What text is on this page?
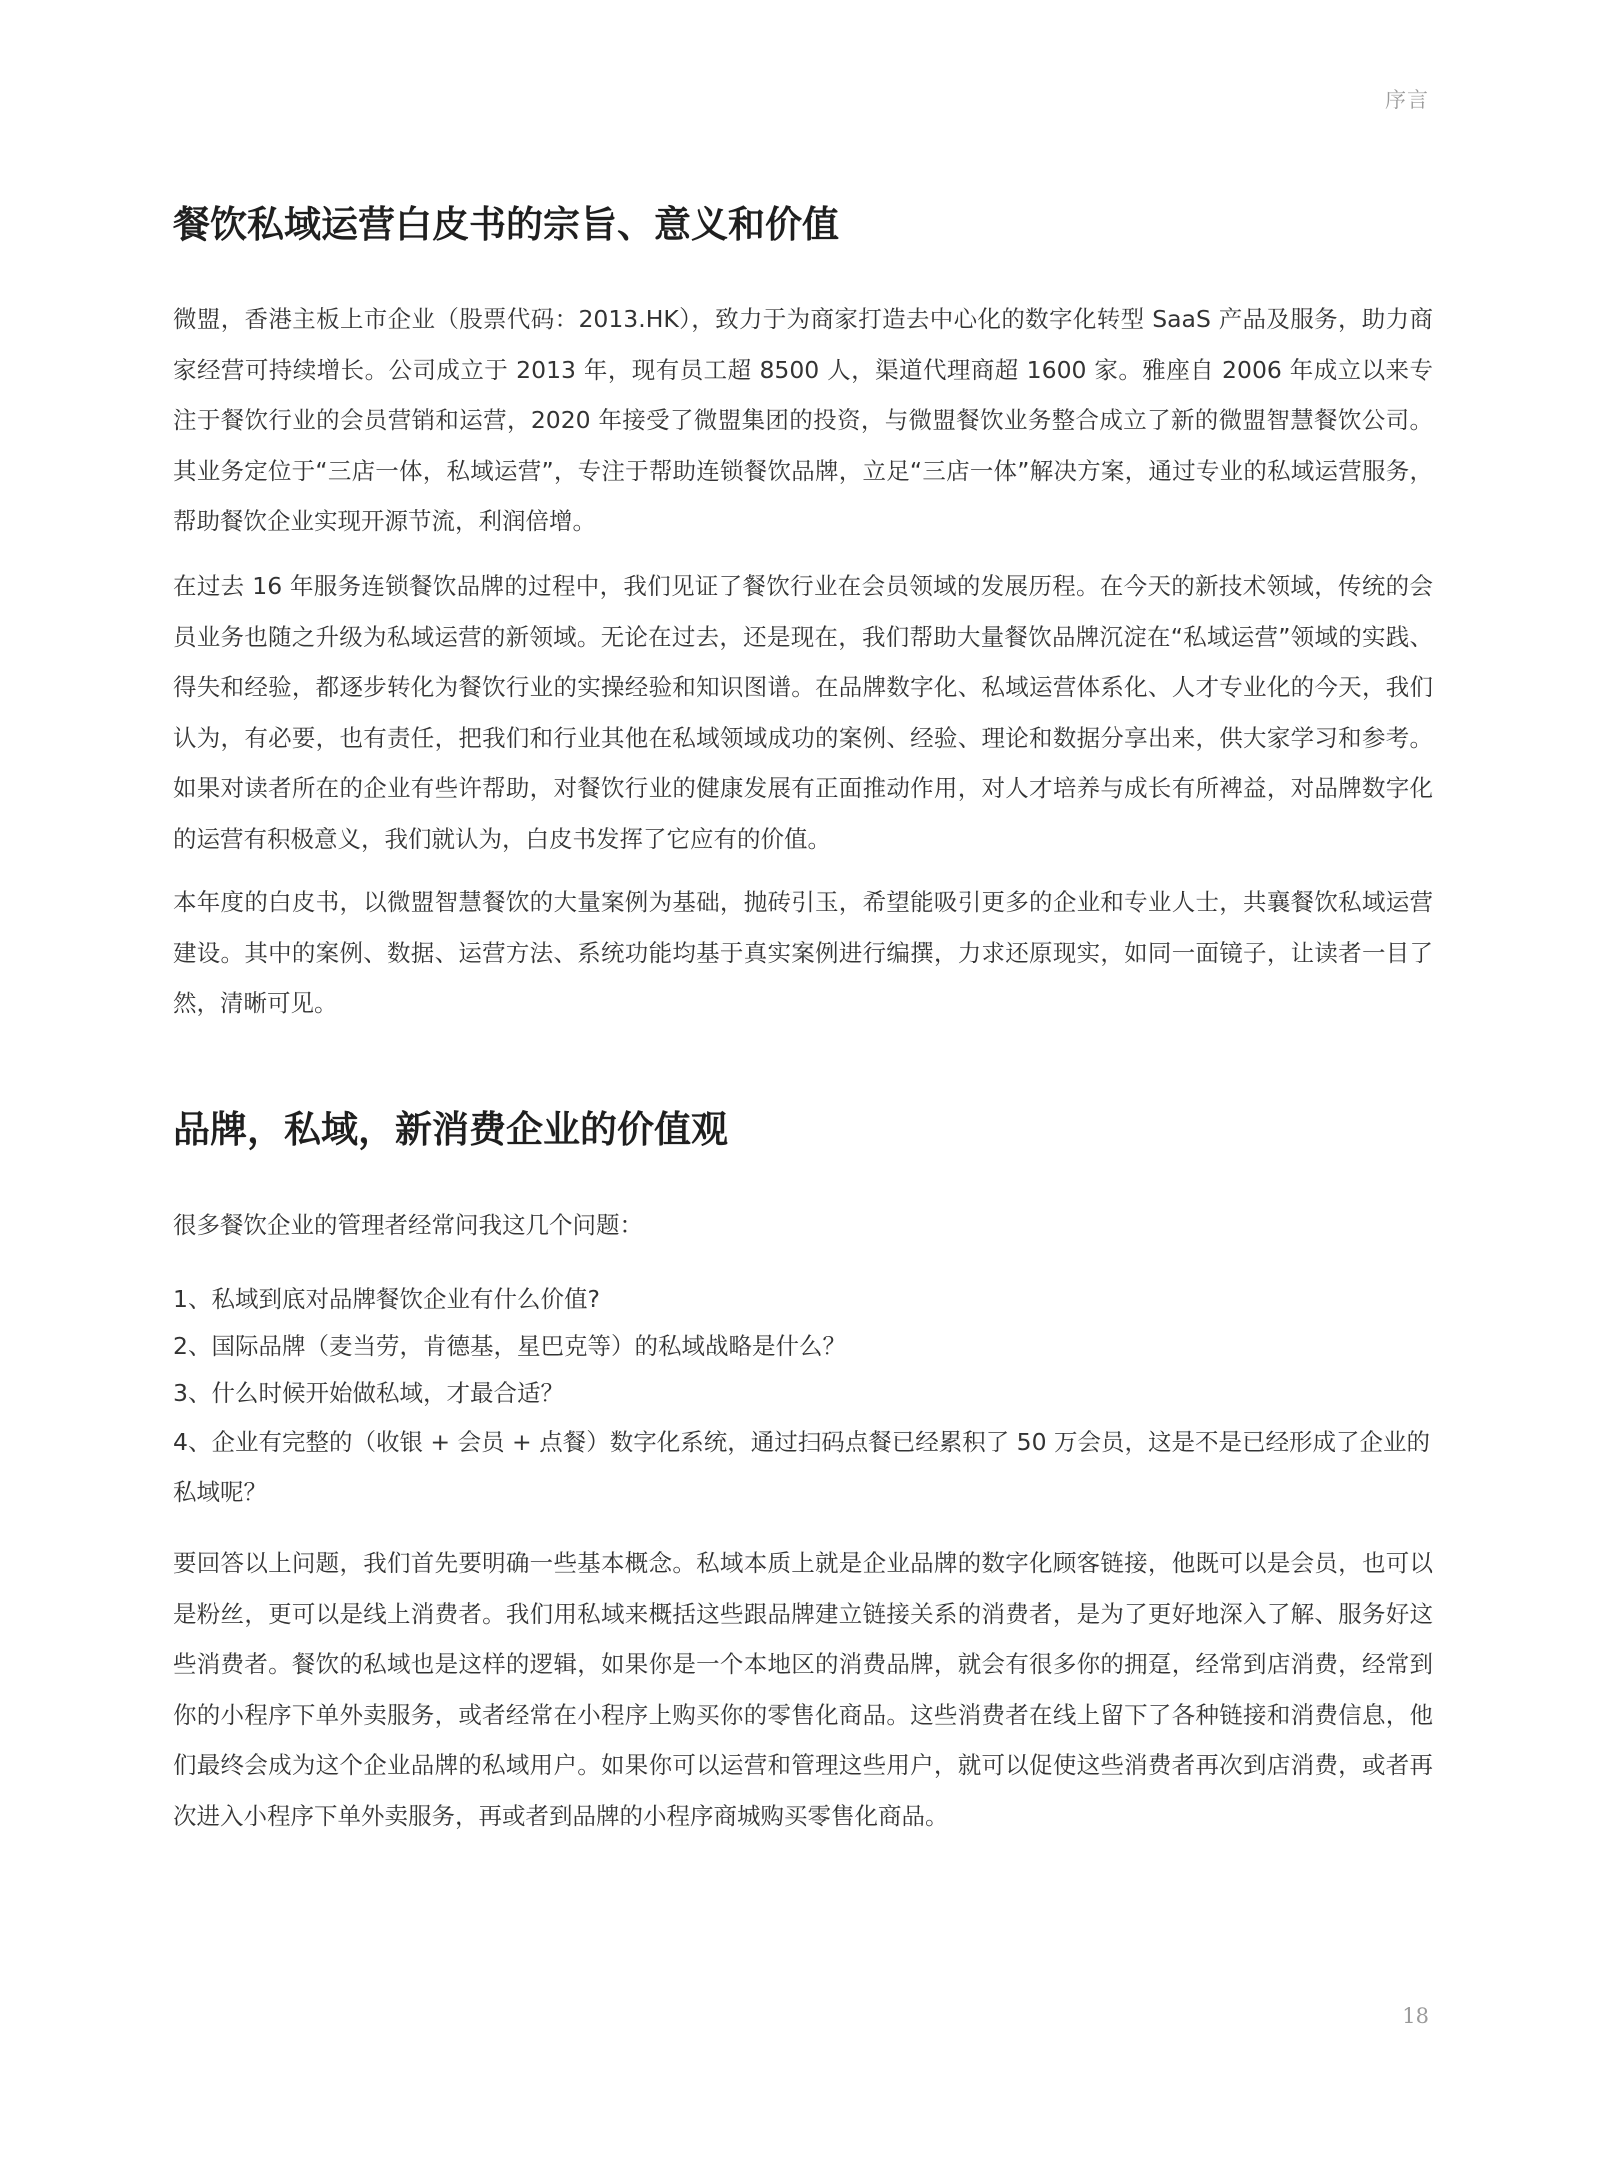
序言
餐饮私域运营白皮书的宗旨、意义和价值

微盟，香港主板上市企业（股票代码：2013.HK），致力于为商家打造去中心化的数字化转型 SaaS 产品及服务，助力商家经营可持续增长。公司成立于 2013 年，现有员工超 8500 人，渠道代理商超 1600 家。雅座自 2006 年成立以来专注于餐饮行业的会员营销和运营，2020 年接受了微盟集团的投资，与微盟餐饮业务整合成立了新的微盟智慧餐饮公司。其业务定位于“三店一体，私域运营”，专注于帮助连锁餐饮品牌，立足“三店一体”解决方案，通过专业的私域运营服务，帮助餐饮企业实现开源节流，利润倍增。

在过去 16 年服务连锁餐饮品牌的过程中，我们见证了餐饮行业在会员领域的发展历程。在今天的新技术领域，传统的会员业务也随之升级为私域运营的新领域。无论在过去，还是现在，我们帮助大量餐饮品牌沉淀在“私域运营”领域的实践、得失和经验，都逐步转化为餐饮行业的实操经验和知识图谱。在品牌数字化、私域运营体系化、人才专业化的今天，我们认为，有必要，也有责任，把我们和行业其他在私域领域成功的案例、经验、理论和数据分享出来，供大家学习和参考。如果对读者所在的企业有些许帮助，对餐饮行业的健康发展有正面推动作用，对人才培养与成长有所裨益，对品牌数字化的运营有积极意义，我们就认为，白皮书发挥了它应有的价值。

本年度的白皮书，以微盟智慧餐饮的大量案例为基础，抛砖引玉，希望能吸引更多的企业和专业人士，共襄餐饮私域运营建设。其中的案例、数据、运营方法、系统功能均基于真实案例进行编撰，力求还原现实，如同一面镜子，让读者一目了然，清晰可见。

品牌，私域，新消费企业的价值观

很多餐饮企业的管理者经常问我这几个问题：

1、私域到底对品牌餐饮企业有什么价值?
2、国际品牌（麦当劳，肯德基，星巴克等）的私域战略是什么？
3、什么时候开始做私域，才最合适？
4、企业有完整的（收银 + 会员 + 点餐）数字化系统，通过扫码点餐已经累积了 50 万会员，这是不是已经形成了企业的私域呢？

要回答以上问题，我们首先要明确一些基本概念。私域本质上就是企业品牌的数字化顾客链接，他既可以是会员，也可以是粉丝，更可以是线上消费者。我们用私域来概括这些跟品牌建立链接关系的消费者，是为了更好地深入了解、服务好这些消费者。餐饮的私域也是这样的逻辑，如果你是一个本地区的消费品牌，就会有很多你的拥趸，经常到店消费，经常到你的小程序下单外卖服务，或者经常在小程序上购买你的零售化商品。这些消费者在线上留下了各种链接和消费信息，他们最终会成为这个企业品牌的私域用户。如果你可以运营和管理这些用户，就可以促使这些消费者再次到店消费，或者再次进入小程序下单外卖服务，再或者到品牌的小程序商城购买零售化商品。

18
